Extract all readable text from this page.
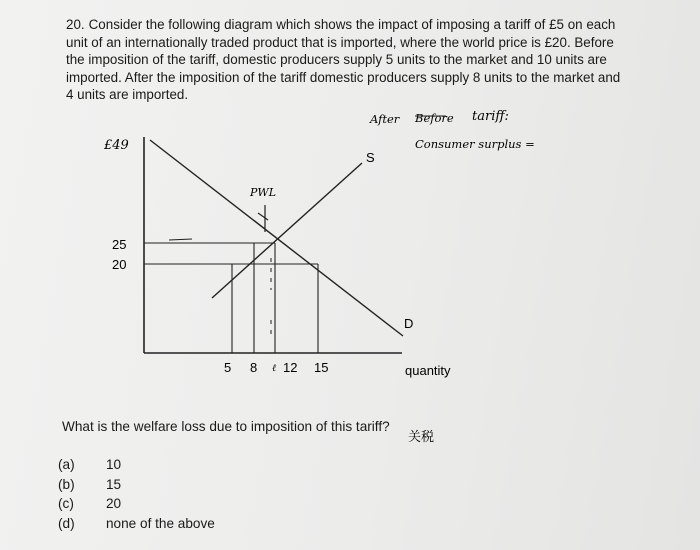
20. Consider the following diagram which shows the impact of imposing a tariff of £5 on each unit of an internationally traded product that is imported, where the world price is £20. Before the imposition of the tariff, domestic producers supply 5 units to the market and 10 units are imported. After the imposition of the tariff domestic producers supply 8 units to the market and 4 units are imported.

25
20
5 8 12 15
S
D
quantity
PWL
£49
ℓ
After Before tariff:
Consumer surplus =
关税
What is the welfare loss due to imposition of this tariff?
(a) 10
(b) 15
(c) 20
(d) none of the above
